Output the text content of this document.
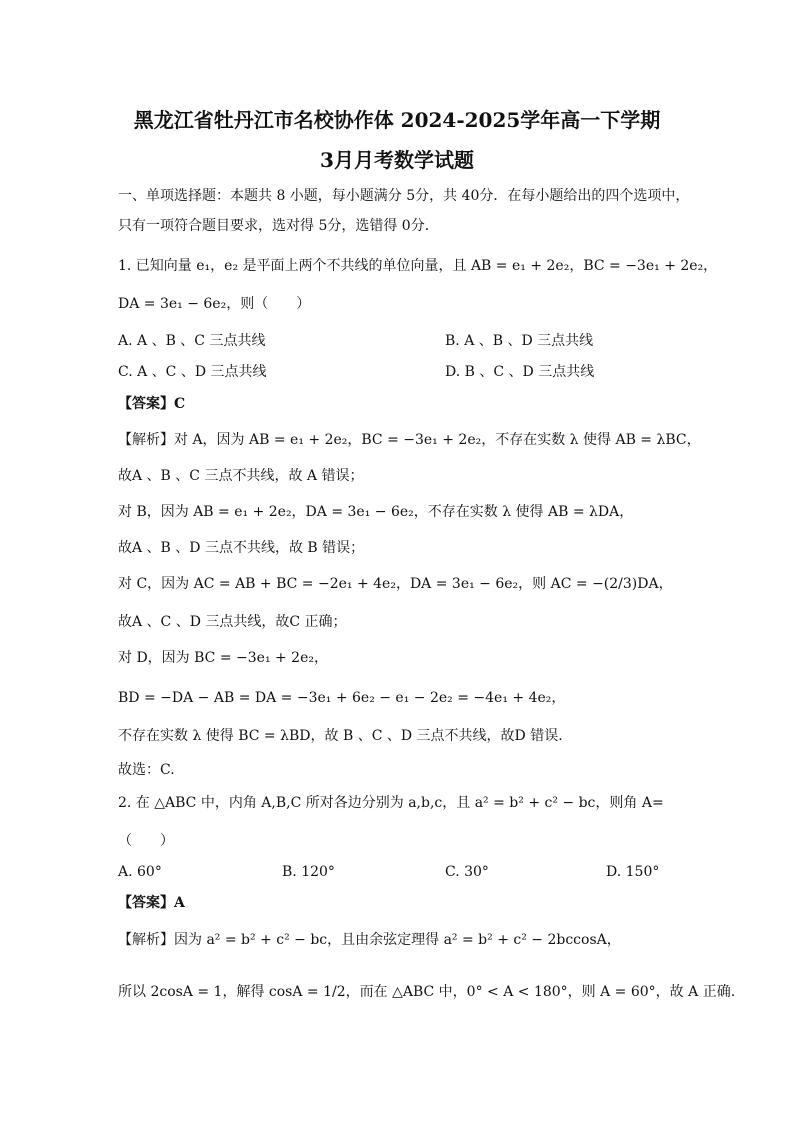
黑龙江省牡丹江市名校协作体 2024-2025学年高一下学期
3月月考数学试题
一、单项选择题：本题共 8 小题，每小题满分 5分，共 40分．在每小题给出的四个选项中，
只有一项符合题目要求，选对得 5分，选错得 0分．
1. 已知向量 e₁，e₂ 是平面上两个不共线的单位向量，且 AB = e₁ + 2e₂，BC = −3e₁ + 2e₂，
DA = 3e₁ − 6e₂，则（　　）
A. A 、B 、C 三点共线	B. A 、B 、D 三点共线
C. A 、C 、D 三点共线	D. B 、C 、D 三点共线
【答案】C
【解析】对 A，因为 AB = e₁ + 2e₂，BC = −3e₁ + 2e₂，不存在实数 λ 使得 AB = λBC，
故A 、B 、C 三点不共线，故 A 错误；
对 B，因为 AB = e₁ + 2e₂，DA = 3e₁ − 6e₂，不存在实数 λ 使得 AB = λDA，
故A 、B 、D 三点不共线，故 B 错误；
对 C，因为 AC = AB + BC = −2e₁ + 4e₂，DA = 3e₁ − 6e₂，则 AC = −(2/3)DA，
故A 、C 、D 三点共线，故C 正确；
对 D，因为 BC = −3e₁ + 2e₂，
BD = −DA − AB = DA = −3e₁ + 6e₂ − e₁ − 2e₂ = −4e₁ + 4e₂，
不存在实数 λ 使得 BC = λBD，故 B 、C 、D 三点不共线，故D 错误.
故选：C.
2. 在 △ABC 中，内角 A,B,C 所对各边分别为 a,b,c，且 a² = b² + c² − bc，则角 A=
（　　）
A. 60°	B. 120°	C. 30°	D. 150°
【答案】A
【解析】因为 a² = b² + c² − bc，且由余弦定理得 a² = b² + c² − 2bccosA，
所以 2cosA = 1，解得 cosA = 1/2，而在 △ABC 中，0° < A < 180°，则 A = 60°，故 A 正确.
